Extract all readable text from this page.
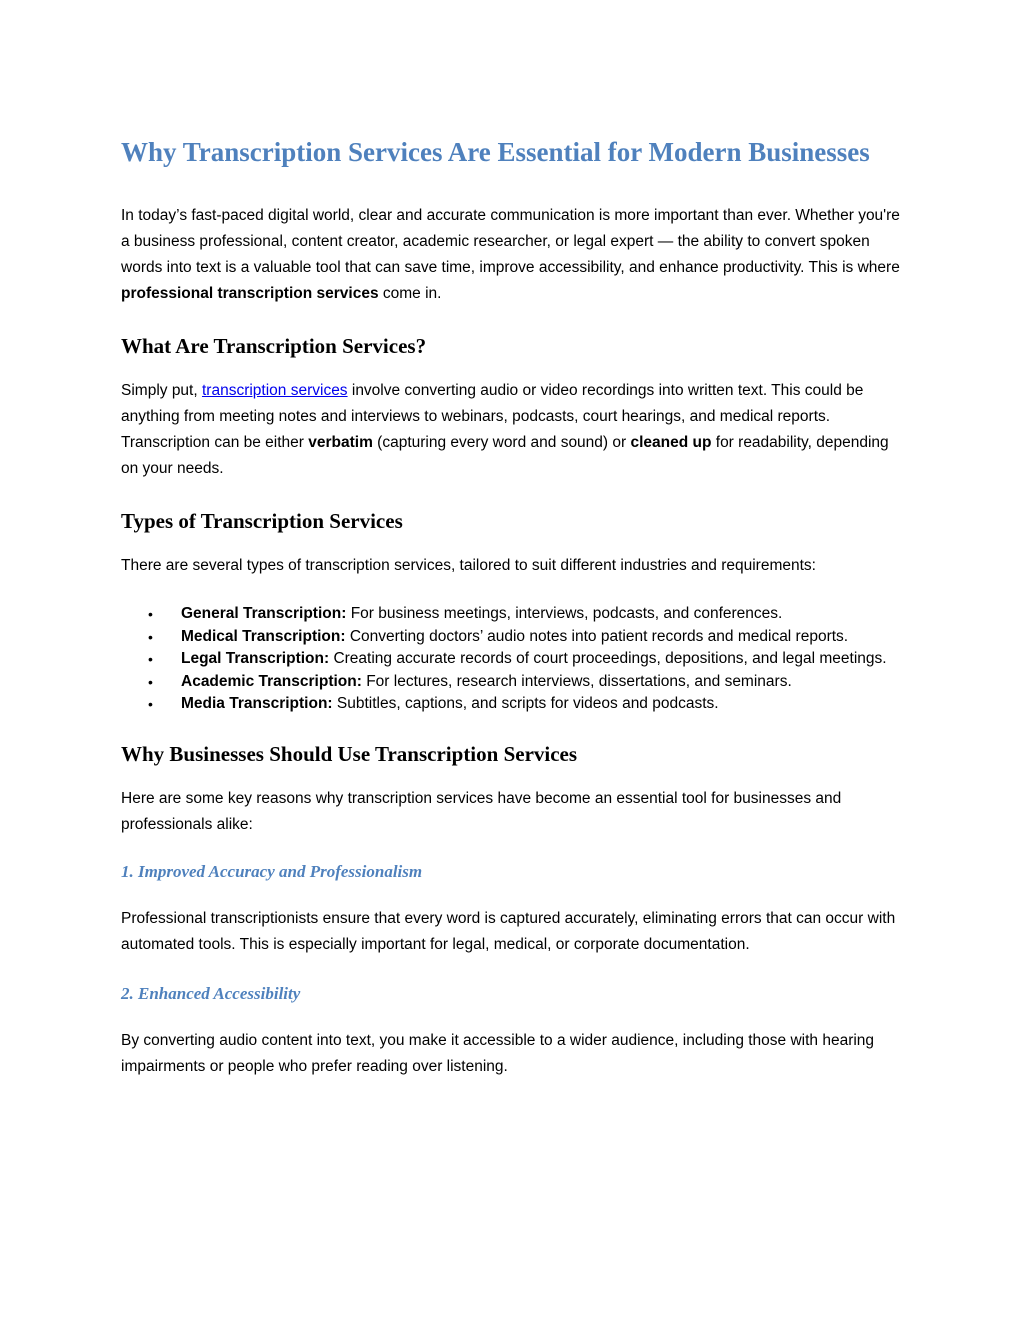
Why Transcription Services Are Essential for Modern Businesses

In today’s fast-paced digital world, clear and accurate communication is more important than ever. Whether you're a business professional, content creator, academic researcher, or legal expert — the ability to convert spoken words into text is a valuable tool that can save time, improve accessibility, and enhance productivity. This is where professional transcription services come in.

What Are Transcription Services?

Simply put, transcription services involve converting audio or video recordings into written text. This could be anything from meeting notes and interviews to webinars, podcasts, court hearings, and medical reports. Transcription can be either verbatim (capturing every word and sound) or cleaned up for readability, depending on your needs.

Types of Transcription Services

There are several types of transcription services, tailored to suit different industries and requirements:

• General Transcription: For business meetings, interviews, podcasts, and conferences.
• Medical Transcription: Converting doctors’ audio notes into patient records and medical reports.
• Legal Transcription: Creating accurate records of court proceedings, depositions, and legal meetings.
• Academic Transcription: For lectures, research interviews, dissertations, and seminars.
• Media Transcription: Subtitles, captions, and scripts for videos and podcasts.
Why Businesses Should Use Transcription Services

Here are some key reasons why transcription services have become an essential tool for businesses and professionals alike:

1. Improved Accuracy and Professionalism

Professional transcriptionists ensure that every word is captured accurately, eliminating errors that can occur with automated tools. This is especially important for legal, medical, or corporate documentation.

2. Enhanced Accessibility

By converting audio content into text, you make it accessible to a wider audience, including those with hearing impairments or people who prefer reading over listening.
